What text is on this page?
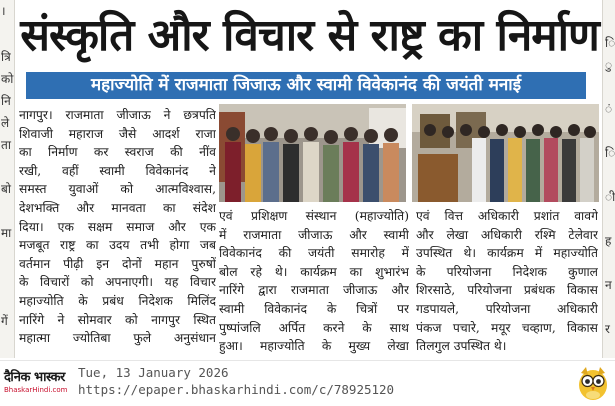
।
त्रि
को
नि
ले
ता
बो
मा
गें
ि
ु
ं
ि
ी
ह
न
र
संस्कृति और विचार से राष्ट्र का निर्माण
महाज्योति में राजमाता जिजाऊ और स्वामी विवेकानंद की जयंती मनाई
नागपुर। राजमाता जीजाऊ ने छत्रपति
शिवाजी महाराज जैसे आदर्श राजा
का निर्माण कर स्वराज की नींव
रखी, वहीं स्वामी विवेकानंद ने
समस्त युवाओं को आत्मविश्वास,
देशभक्ति और मानवता का संदेश
दिया। एक सक्षम समाज और एक
मजबूत राष्ट्र का उदय तभी होगा जब
वर्तमान पीढ़ी इन दोनों महान पुरुषों
के विचारों को अपनाएगी। यह विचार
महाज्योति के प्रबंध निदेशक मिलिंद
नारिंगे ने सोमवार को नागपुर स्थित
महात्मा ज्योतिबा फुले अनुसंधान
एवं प्रशिक्षण संस्थान (महाज्योति)
में राजमाता जीजाऊ और स्वामी
विवेकानंद की जयंती समारोह में
बोल रहे थे। कार्यक्रम का शुभारंभ
नारिंगे द्वारा राजमाता जीजाऊ और
स्वामी विवेकानंद के चित्रों पर
पुष्पांजलि अर्पित करने के साथ
हुआ। महाज्योति के मुख्य लेखा
एवं वित्त अधिकारी प्रशांत वावगे
और लेखा अधिकारी रश्मि टेलेवार
उपस्थित थे। कार्यक्रम में महाज्योति
के परियोजना निदेशक कुणाल
शिरसाठे, परियोजना प्रबंधक विकास
गडपायले, परियोजना अधिकारी
पंकज पचारे, मयूर चव्हाण, विकास
तिलगुल उपस्थित थे।
दैनिक भास्कर
BhaskarHindi.com
Tue, 13 January 2026
https://epaper.bhaskarhindi.com/c/78925120
